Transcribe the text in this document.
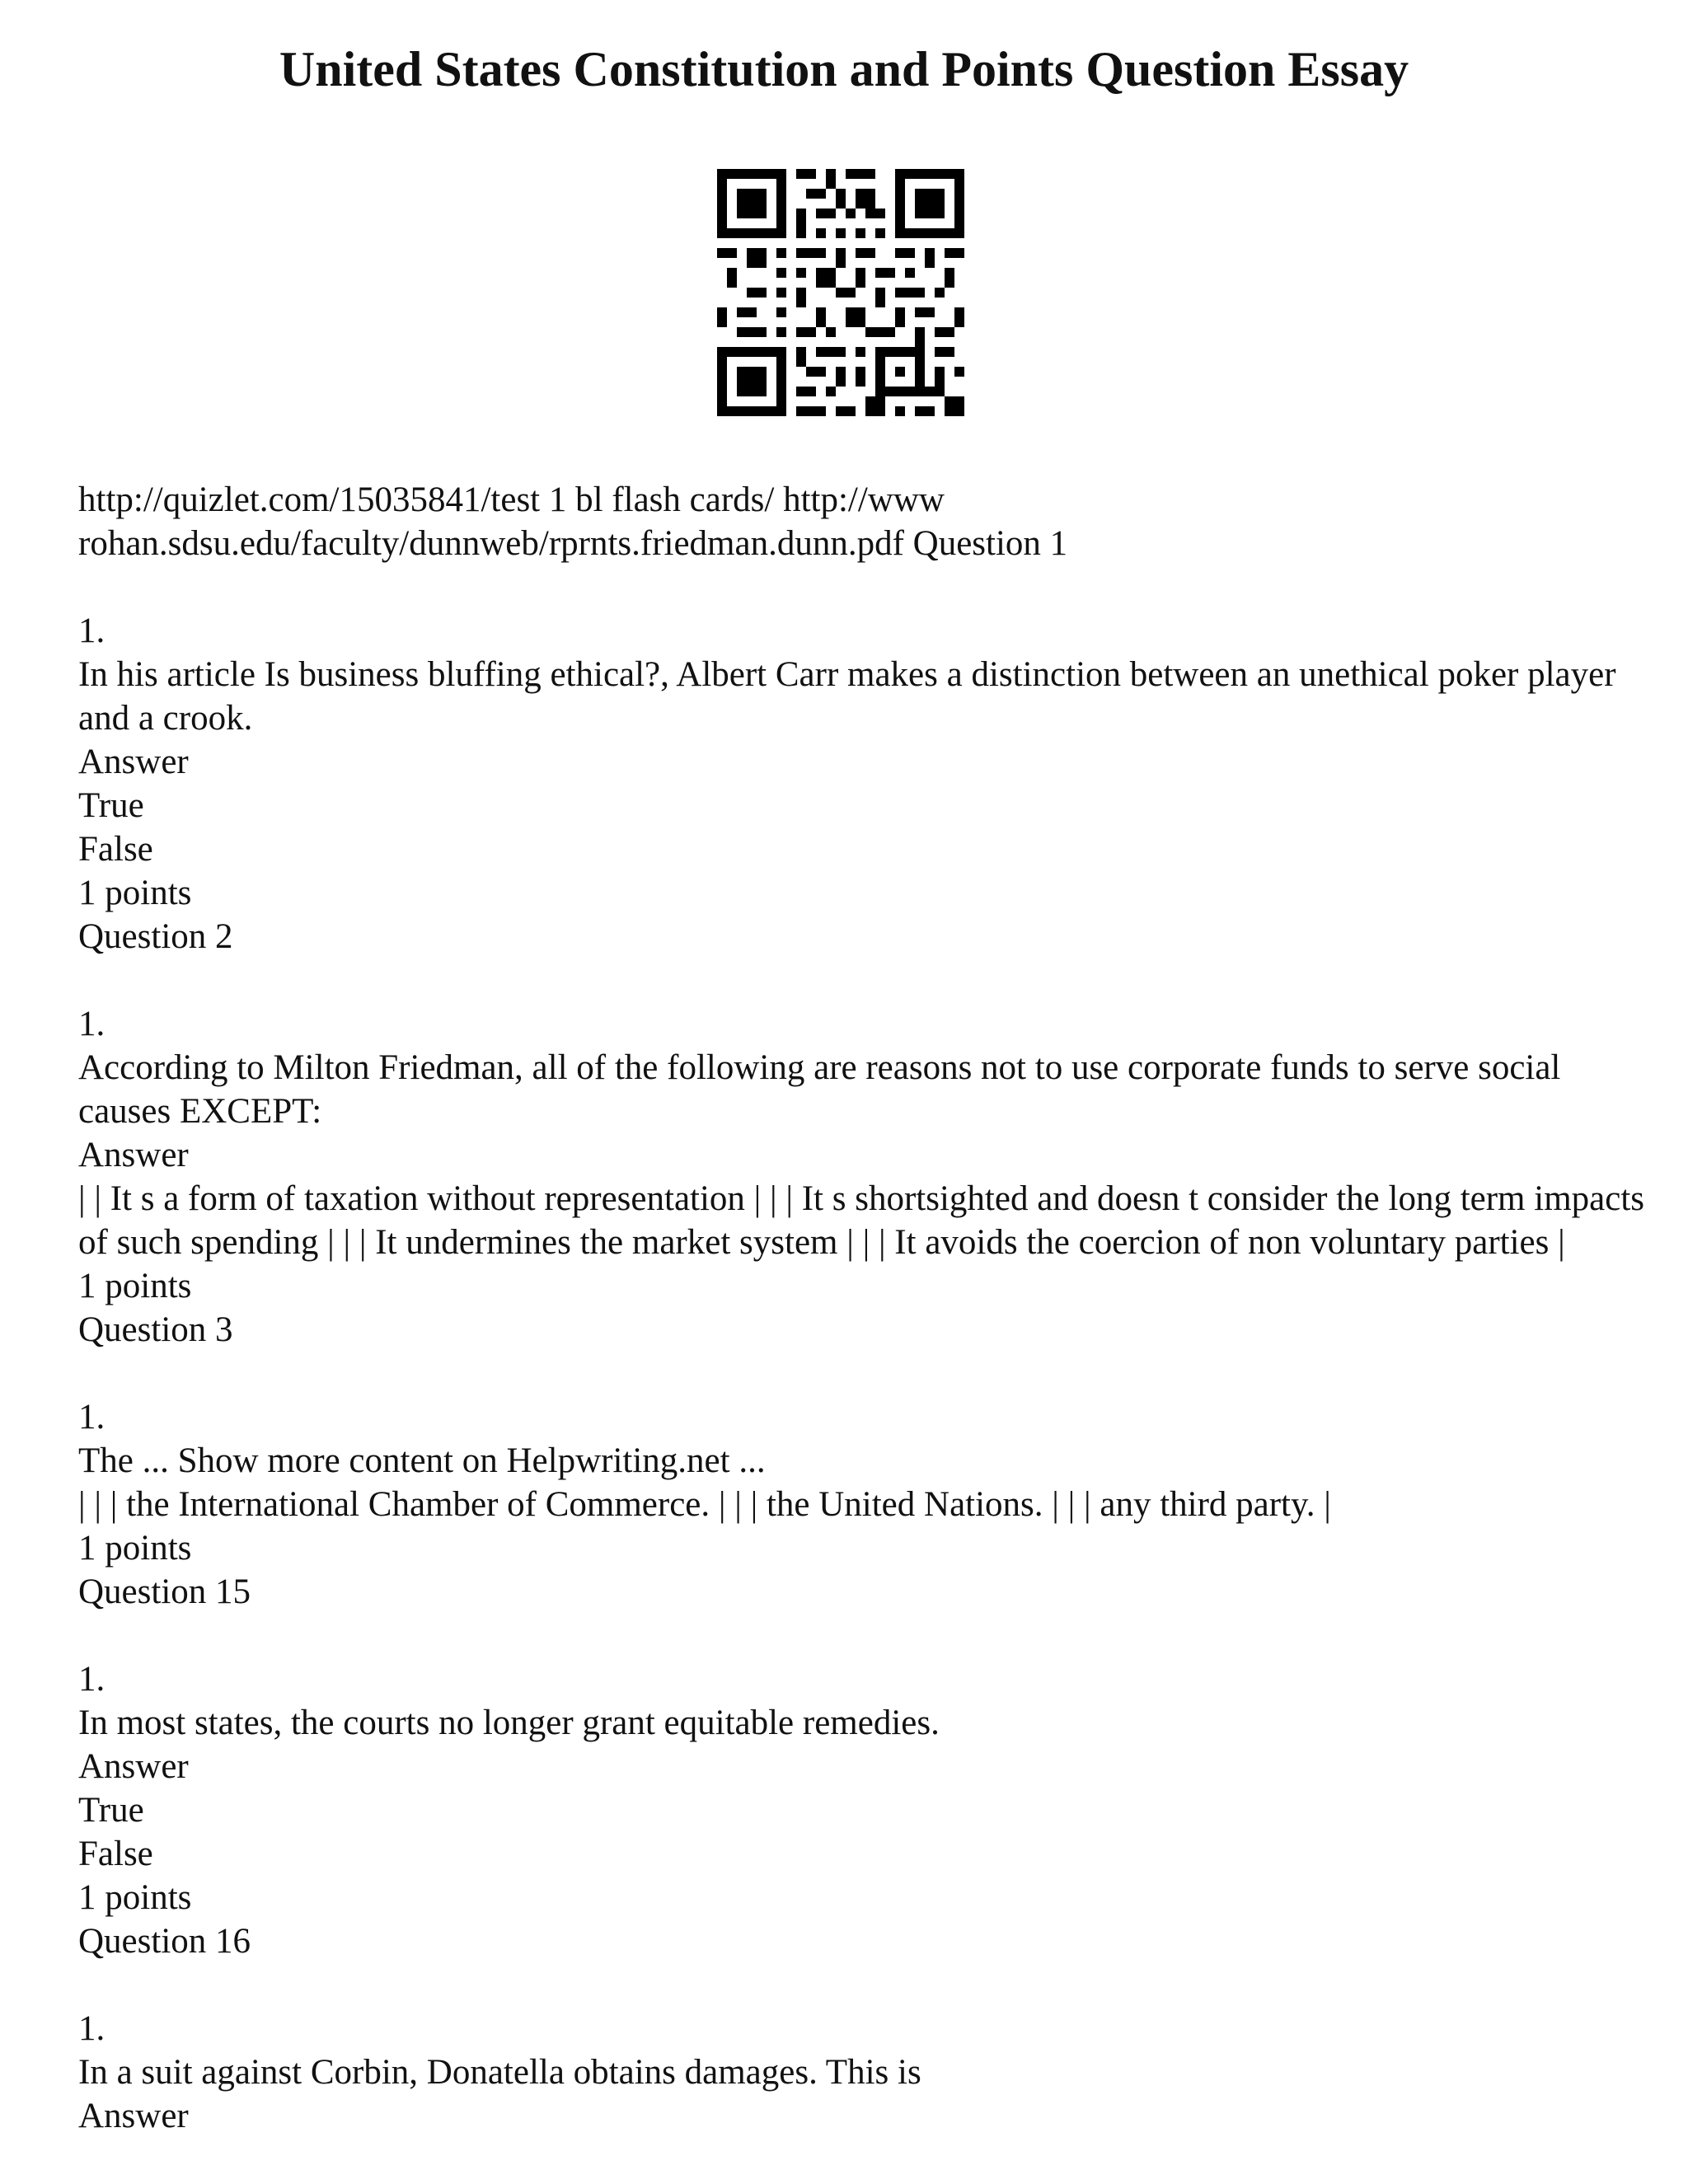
United States Constitution and Points Question Essay
http://quizlet.com/15035841/test 1 bl flash cards/ http://www
rohan.sdsu.edu/faculty/dunnweb/rprnts.friedman.dunn.pdf Question 1
1.
In his article Is business bluffing ethical?, Albert Carr makes a distinction between an unethical poker player and a crook.
Answer
True
False
1 points
Question 2
1.
According to Milton Friedman, all of the following are reasons not to use corporate funds to serve social causes EXCEPT:
Answer
| | It s a form of taxation without representation | | | It s shortsighted and doesn t consider the long term impacts of such spending | | | It undermines the market system | | | It avoids the coercion of non voluntary parties |
1 points
Question 3
1.
The ... Show more content on Helpwriting.net ...
| | | the International Chamber of Commerce. | | | the United Nations. | | | any third party. |
1 points
Question 15
1.
In most states, the courts no longer grant equitable remedies.
Answer
True
False
1 points
Question 16
1.
In a suit against Corbin, Donatella obtains damages. This is
Answer
